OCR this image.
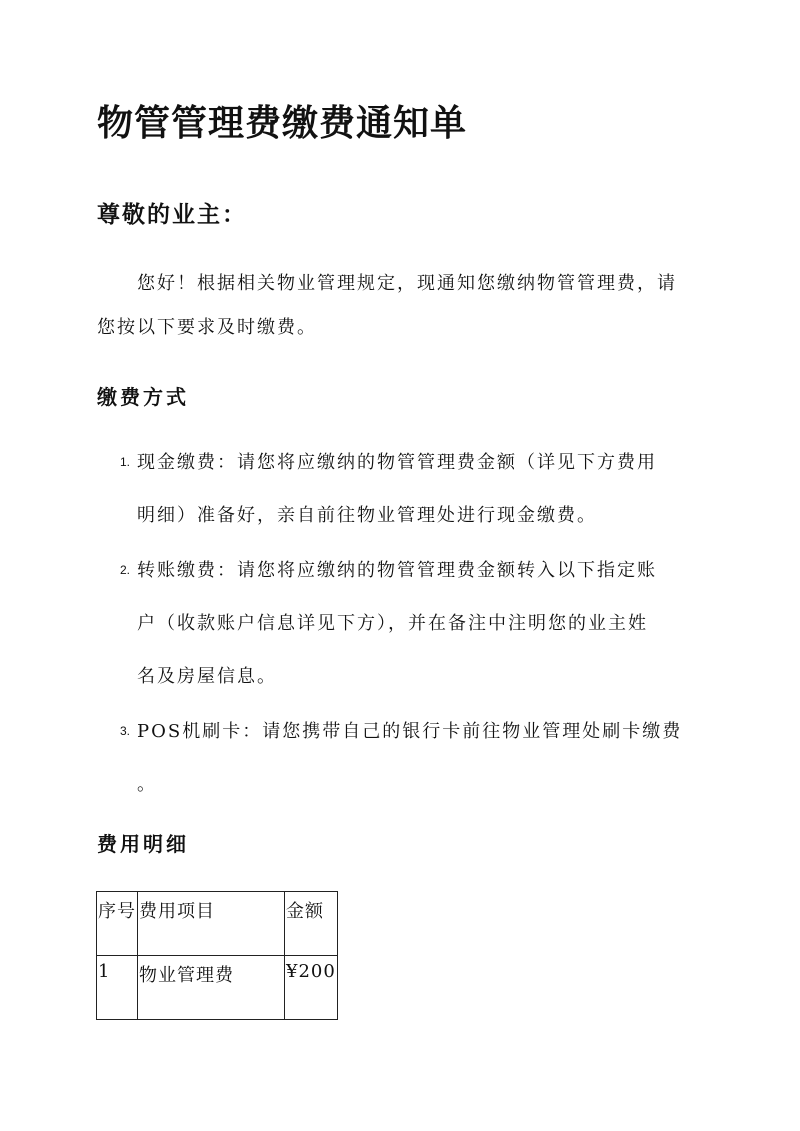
物管管理费缴费通知单
尊敬的业主：

您好！根据相关物业管理规定，现通知您缴纳物管管理费，请
您按以下要求及时缴费。

缴费方式
1. 现金缴费：请您将应缴纳的物管管理费金额（详见下方费用
明细）准备好，亲自前往物业管理处进行现金缴费。
2. 转账缴费：请您将应缴纳的物管管理费金额转入以下指定账
户（收款账户信息详见下方），并在备注中注明您的业主姓
名及房屋信息。
3. POS机刷卡：请您携带自己的银行卡前往物业管理处刷卡缴费
。
费用明细
序号	费用项目	金额
1	物业管理费	¥200
